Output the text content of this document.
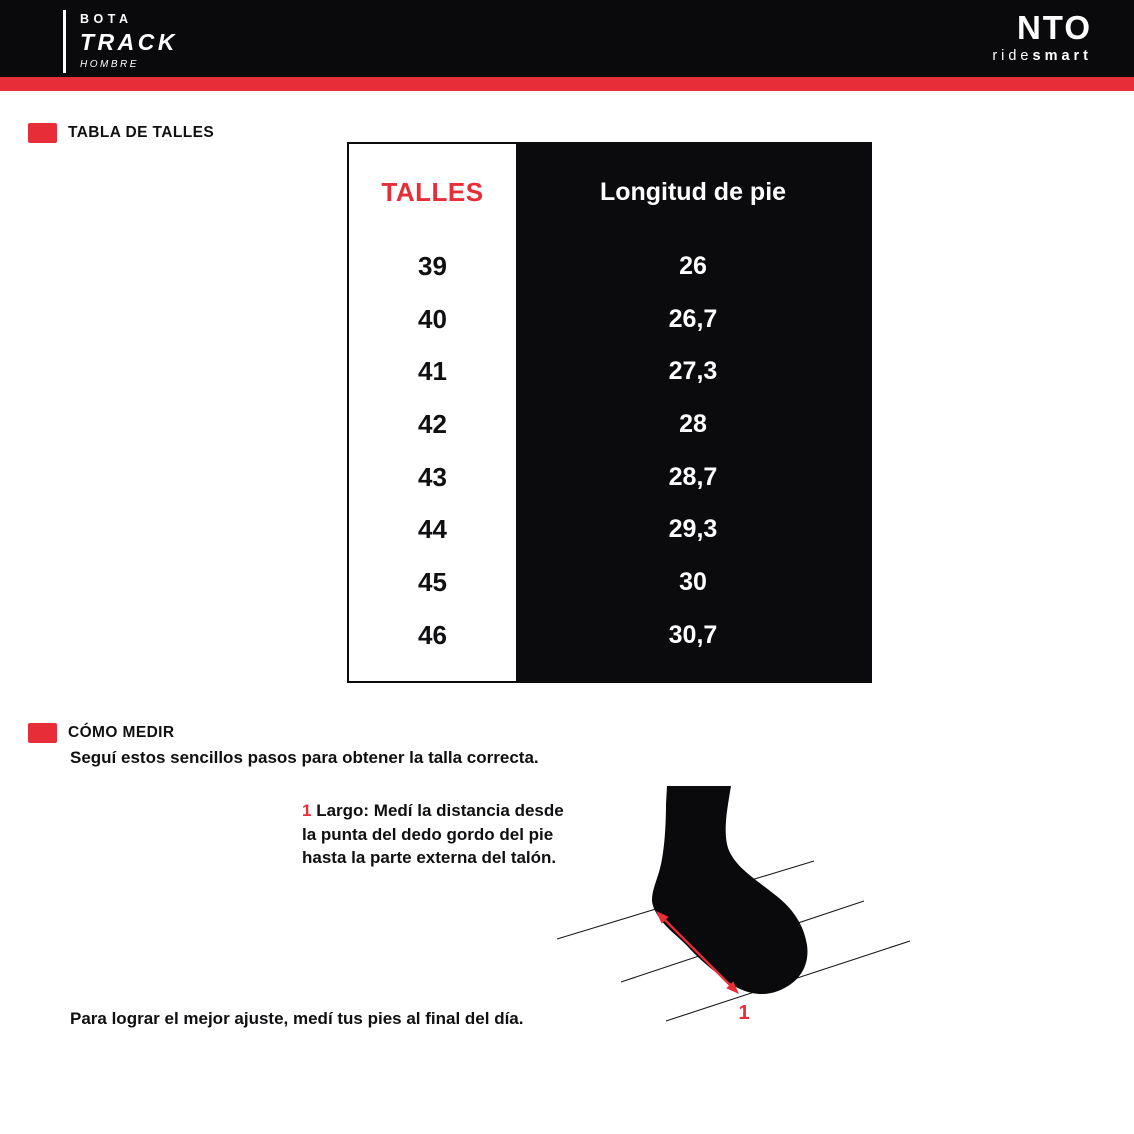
BOTA
TRACK
HOMBRE
NTO
ridesmart
TABLA DE TALLES
TALLES	Longitud de pie
39	26
40	26,7
41	27,3
42	28
43	28,7
44	29,3
45	30
46	30,7
CÓMO MEDIR
Seguí estos sencillos pasos para obtener la talla correcta.
1 Largo: Medí la distancia desde
la punta del dedo gordo del pie
hasta la parte externa del talón.
1
Para lograr el mejor ajuste, medí tus pies al final del día.
